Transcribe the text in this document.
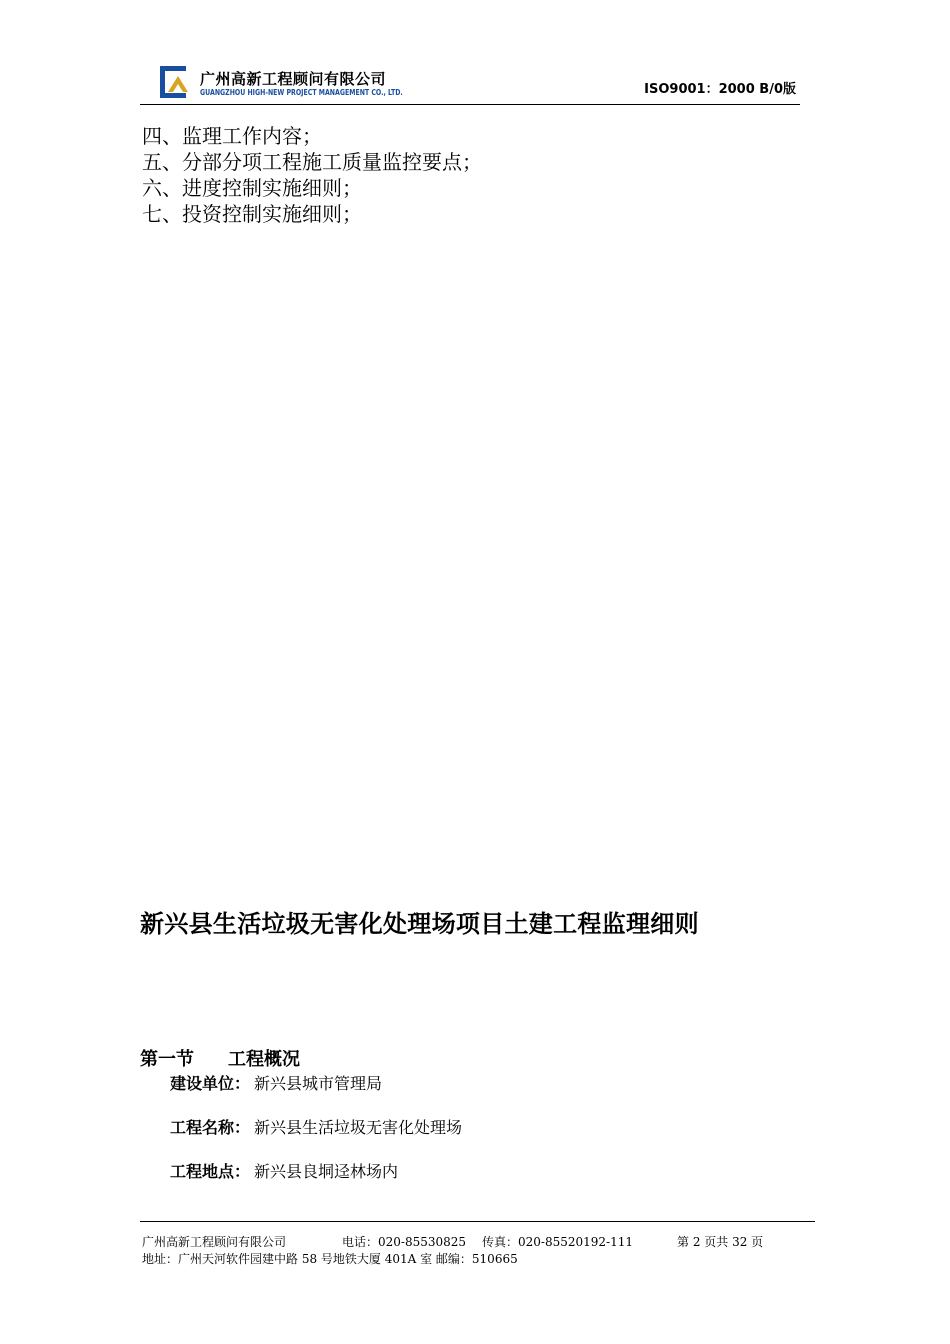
广州高新工程顾问有限公司
GUANGZHOU HIGH-NEW PROJECT MANAGEMENT CO., LTD.	ISO9001：2000 B/0版
四、监理工作内容；
五、分部分项工程施工质量监控要点；
六、进度控制实施细则；
七、投资控制实施细则；
新兴县生活垃圾无害化处理场项目土建工程监理细则
第一节 工程概况
建设单位： 新兴县城市管理局
工程名称： 新兴县生活垃圾无害化处理场
工程地点： 新兴县良垌迳林场内
广州高新工程顾问有限公司	电话：020-85530825 传真：020-85520192-111	第 2 页共 32 页
地址：广州天河软件园建中路 58 号地铁大厦 401A 室 邮编：510665
